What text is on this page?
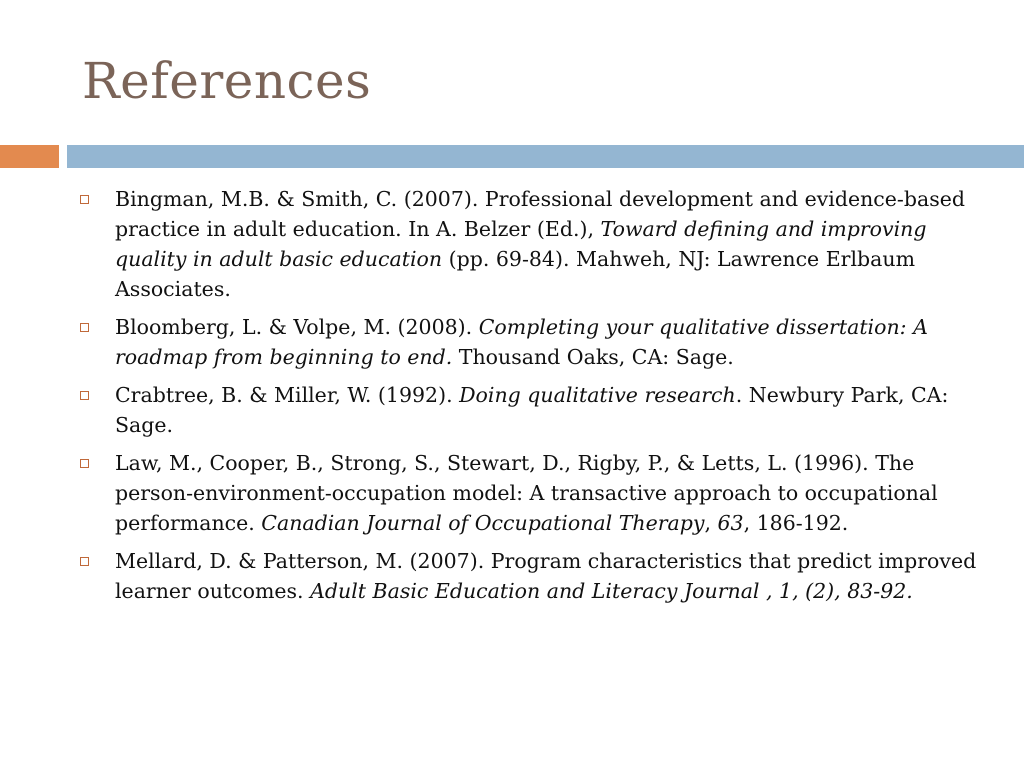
References
Bingman, M.B. & Smith, C. (2007). Professional development and evidence-based practice in adult education. In A. Belzer (Ed.), Toward defining and improving quality in adult basic education (pp. 69-84). Mahweh, NJ: Lawrence Erlbaum Associates.
Bloomberg, L. & Volpe, M. (2008). Completing your qualitative dissertation: A roadmap from beginning to end. Thousand Oaks, CA: Sage.
Crabtree, B. & Miller, W. (1992). Doing qualitative research. Newbury Park, CA: Sage.
Law, M., Cooper, B., Strong, S., Stewart, D., Rigby, P., & Letts, L. (1996). The person-environment-occupation model: A transactive approach to occupational performance. Canadian Journal of Occupational Therapy, 63, 186-192.
Mellard, D. & Patterson, M. (2007). Program characteristics that predict improved learner outcomes. Adult Basic Education and Literacy Journal , 1, (2), 83-92.
